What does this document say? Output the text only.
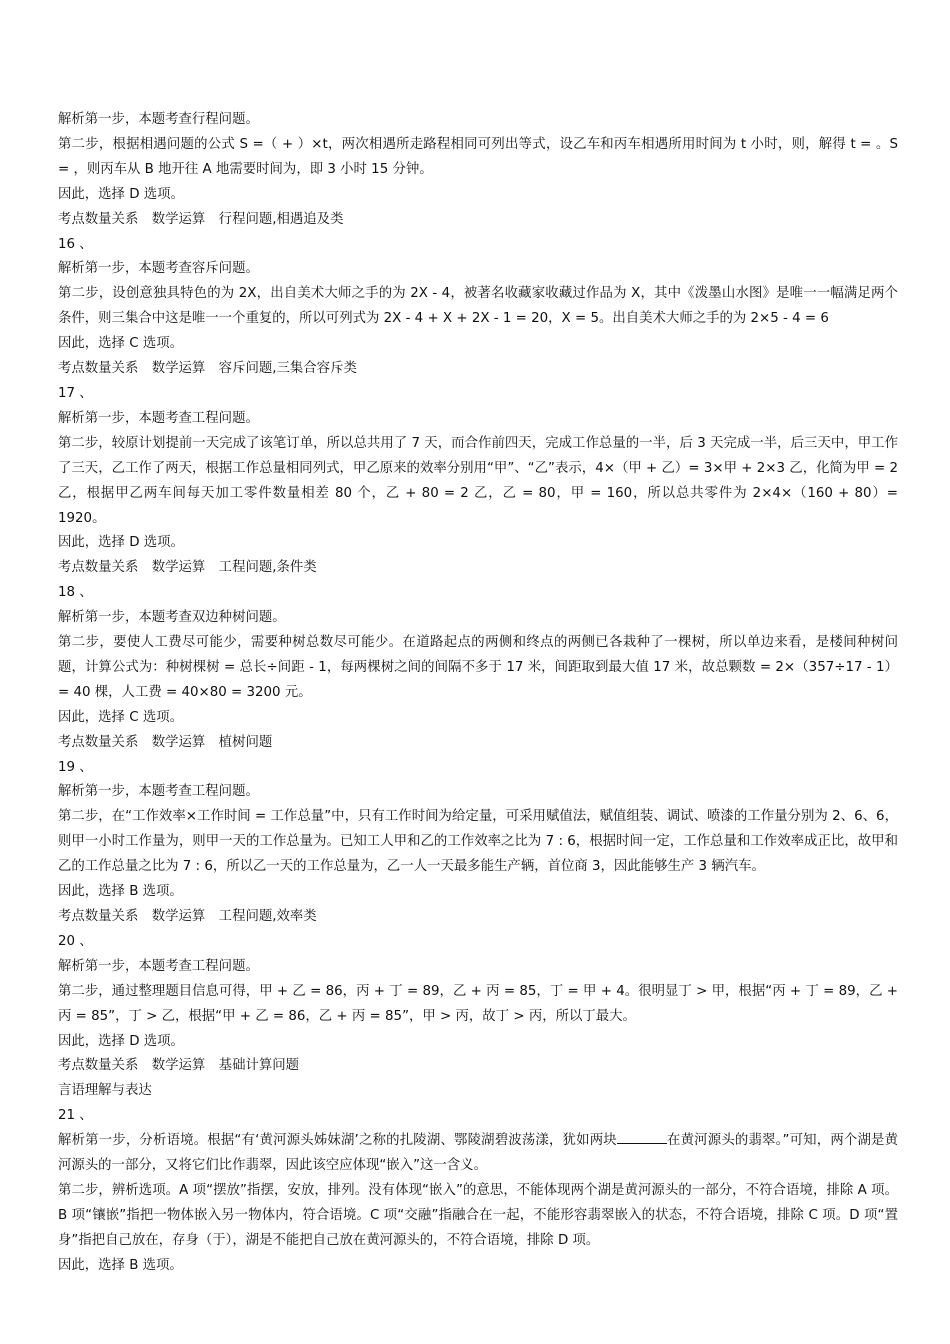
解析第一步，本题考查行程问题。
第二步，根据相遇问题的公式 S =（ + ）×t，两次相遇所走路程相同可列出等式，设乙车和丙车相遇所用时间为 t 小时，则，解得 t = 。S = ，则丙车从 B 地开往 A 地需要时间为，即 3 小时 15 分钟。
因此，选择 D 选项。
考点数量关系　数学运算　行程问题,相遇追及类
16 、
解析第一步，本题考查容斥问题。
第二步，设创意独具特色的为 2X，出自美术大师之手的为 2X - 4，被著名收藏家收藏过作品为 X，其中《泼墨山水图》是唯一一幅满足两个条件，则三集合中这是唯一一个重复的，所以可列式为 2X - 4 + X + 2X - 1 = 20，X = 5。出自美术大师之手的为 2×5 - 4 = 6
因此，选择 C 选项。
考点数量关系　数学运算　容斥问题,三集合容斥类
17 、
解析第一步，本题考查工程问题。
第二步，较原计划提前一天完成了该笔订单，所以总共用了 7 天，而合作前四天，完成工作总量的一半，后 3 天完成一半，后三天中，甲工作了三天，乙工作了两天，根据工作总量相同列式，甲乙原来的效率分别用“甲”、“乙”表示，4×（甲 + 乙）= 3×甲 + 2×3 乙，化简为甲 = 2 乙，根据甲乙两车间每天加工零件数量相差 80 个，乙 + 80 = 2 乙，乙 = 80，甲 = 160，所以总共零件为 2×4×（160 + 80）= 1920。
因此，选择 D 选项。
考点数量关系　数学运算　工程问题,条件类
18 、
解析第一步，本题考查双边种树问题。
第二步，要使人工费尽可能少，需要种树总数尽可能少。在道路起点的两侧和终点的两侧已各栽种了一棵树，所以单边来看，是楼间种树问题，计算公式为：种树棵树 = 总长÷间距 - 1，每两棵树之间的间隔不多于 17 米，间距取到最大值 17 米，故总颗数 = 2×（357÷17 - 1）= 40 棵，人工费 = 40×80 = 3200 元。
因此，选择 C 选项。
考点数量关系　数学运算　植树问题
19 、
解析第一步，本题考查工程问题。
第二步，在“工作效率×工作时间 = 工作总量”中，只有工作时间为给定量，可采用赋值法，赋值组装、调试、喷漆的工作量分别为 2、6、6，则甲一小时工作量为，则甲一天的工作总量为。已知工人甲和乙的工作效率之比为 7 : 6，根据时间一定，工作总量和工作效率成正比，故甲和乙的工作总量之比为 7 : 6，所以乙一天的工作总量为，乙一人一天最多能生产辆，首位商 3，因此能够生产 3 辆汽车。
因此，选择 B 选项。
考点数量关系　数学运算　工程问题,效率类
20 、
解析第一步，本题考查工程问题。
第二步，通过整理题目信息可得，甲 + 乙 = 86，丙 + 丁 = 89，乙 + 丙 = 85，丁 = 甲 + 4。很明显丁 > 甲，根据“丙 + 丁 = 89，乙 + 丙 = 85”，丁 > 乙，根据“甲 + 乙 = 86，乙 + 丙 = 85”，甲 > 丙，故丁 > 丙，所以丁最大。
因此，选择 D 选项。
考点数量关系　数学运算　基础计算问题
言语理解与表达
21 、
解析第一步，分析语境。根据“有‘黄河源头姊妹湖’之称的扎陵湖、鄂陵湖碧波荡漾，犹如两块	在黄河源头的翡翠。”可知，两个湖是黄河源头的一部分，又将它们比作翡翠，因此该空应体现“嵌入”这一含义。
第二步，辨析选项。A 项“摆放”指摆，安放，排列。没有体现“嵌入”的意思，不能体现两个湖是黄河源头的一部分，不符合语境，排除 A 项。B 项“镶嵌”指把一物体嵌入另一物体内，符合语境。C 项“交融”指融合在一起，不能形容翡翠嵌入的状态，不符合语境，排除 C 项。D 项“置身”指把自己放在，存身（于），湖是不能把自己放在黄河源头的，不符合语境，排除 D 项。
因此，选择 B 选项。
